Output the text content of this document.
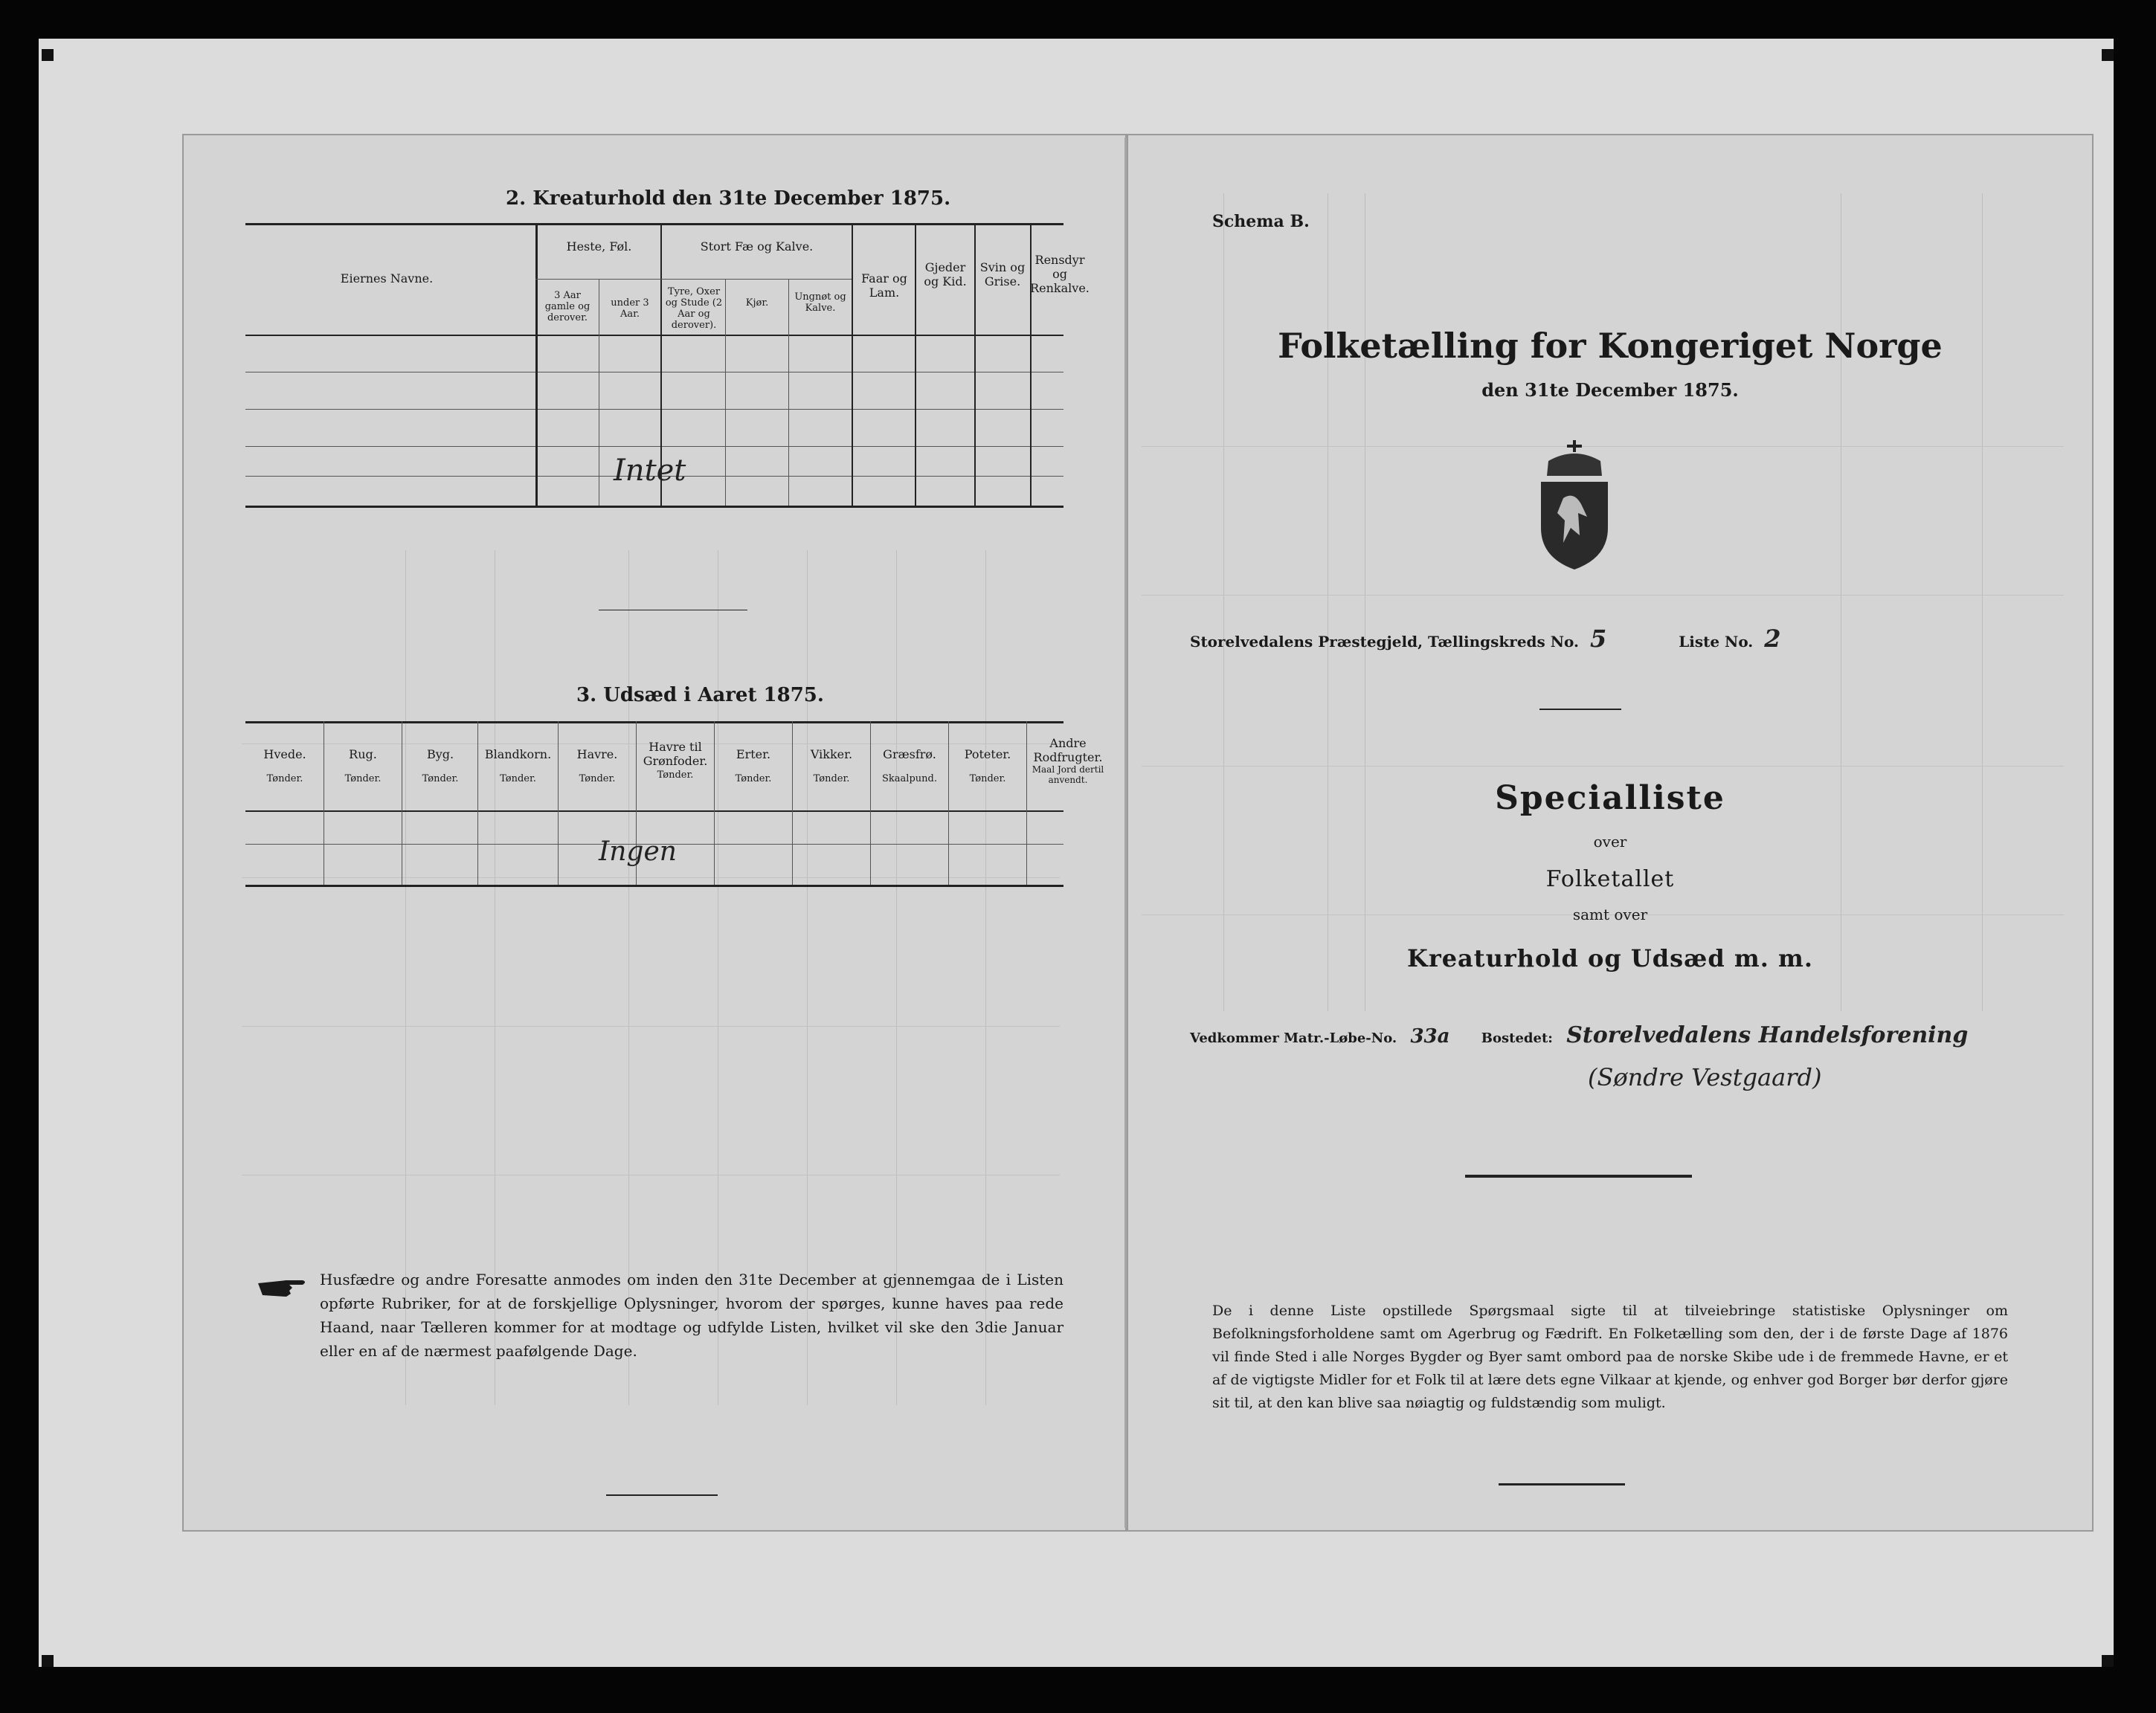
2. Kreaturhold den 31te December 1875.
Eiernes Navne.
Heste, Føl.
3 Aar gamle og derover.
under 3 Aar.
Stort Fæ og Kalve.
Tyre, Oxer og Stude (2 Aar og derover).
Kjør.
Ungnøt og Kalve.
Faar og Lam.
Gjeder og Kid.
Svin og Grise.
Rensdyr og Renkalve.
Intet
3. Udsæd i Aaret 1875.
Hvede.
Tønder.
Rug.
Tønder.
Byg.
Tønder.
Blandkorn.
Tønder.
Havre.
Tønder.
Havre til Grønfoder.
Tønder.
Erter.
Tønder.
Vikker.
Tønder.
Græsfrø.
Skaalpund.
Poteter.
Tønder.
Andre Rodfrugter.
Maal Jord dertil anvendt.
Ingen
Husfædre og andre Foresatte anmodes om inden den 31te December at gjennemgaa de i Listen opførte Rubriker, for at de forskjellige Oplysninger, hvorom der spørges, kunne haves paa rede Haand, naar Tælleren kommer for at modtage og udfylde Listen, hvilket vil ske den 3die Januar eller en af de nærmest paafølgende Dage.
Schema B.
Folketælling for Kongeriget Norge
den 31te December 1875.
Storelvedalens Præstegjeld, Tællingskreds No. 5	Liste No. 2
Specialliste
over
Folketallet
samt over
Kreaturhold og Udsæd m. m.
Vedkommer Matr.-Løbe-No. 33a Bostedet: Storelvedalens Handelsforening
(Søndre Vestgaard)
De i denne Liste opstillede Spørgsmaal sigte til at tilveiebringe statistiske Oplysninger om Befolkningsforholdene samt om Agerbrug og Fædrift. En Folketælling som den, der i de første Dage af 1876 vil finde Sted i alle Norges Bygder og Byer samt ombord paa de norske Skibe ude i de fremmede Havne, er et af de vigtigste Midler for et Folk til at lære dets egne Vilkaar at kjende, og enhver god Borger bør derfor gjøre sit til, at den kan blive saa nøiagtig og fuldstændig som muligt.
